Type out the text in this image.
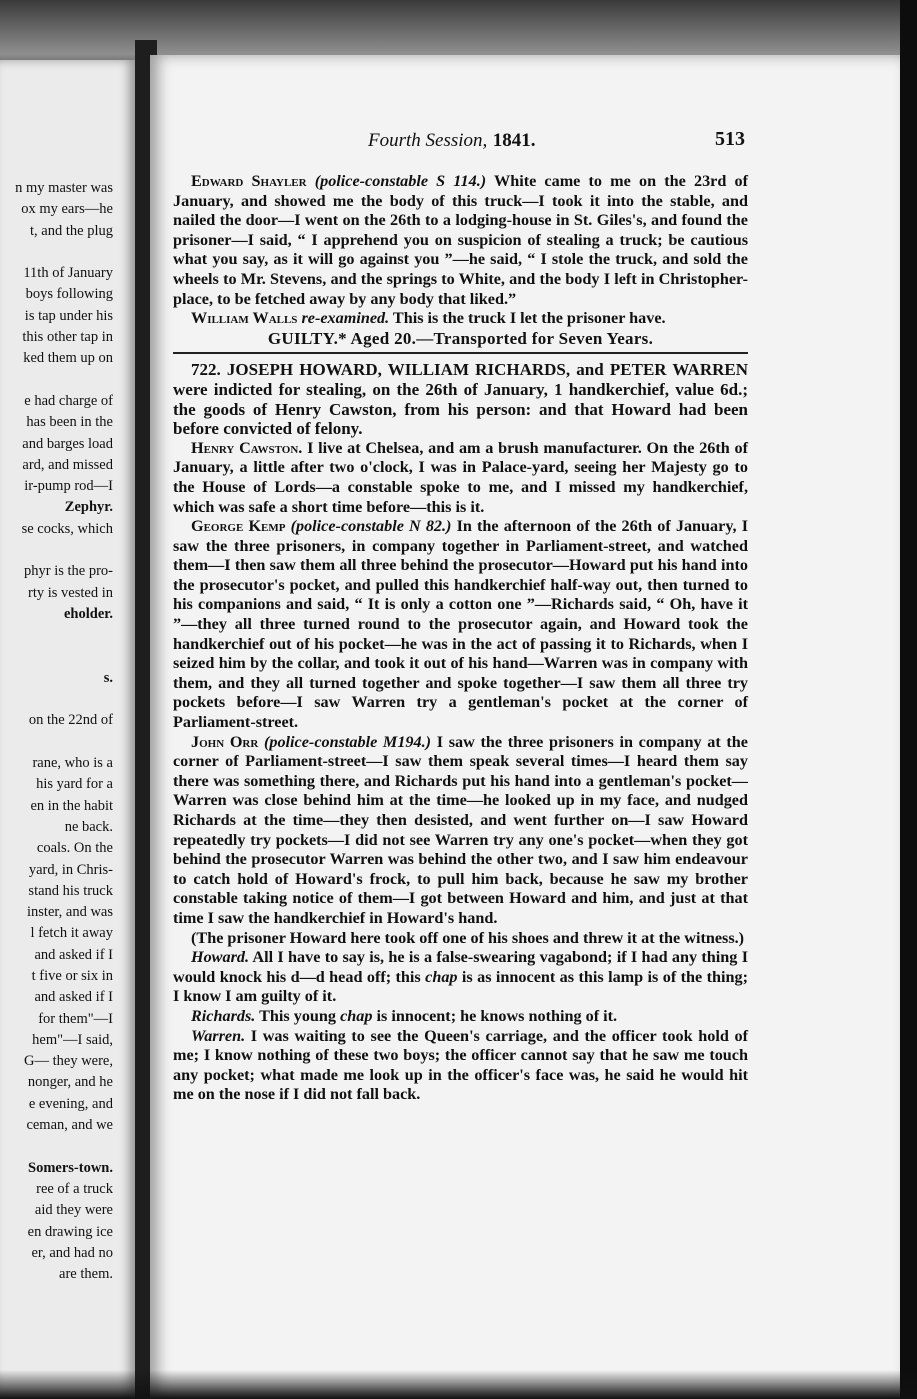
n my master was
ox my ears—he
t, and the plug
11th of January
boys following
is tap under his
this other tap in
ked them up on
e had charge of
has been in the
and barges load
ard, and missed
ir-pump rod—I
Zephyr.
se cocks, which
phyr is the pro-
rty is vested in
eholder.
s.
on the 22nd of
rane, who is a
his yard for a
en in the habit
ne back.
coals. On the
yard, in Chris-
stand his truck
inster, and was
l fetch it away
and asked if I
t five or six in
and asked if I
for them"—I
hem"—I said,
G— they were,
nonger, and he
e evening, and
ceman, and we
Somers-town.
ree of a truck
aid they were
en drawing ice
er, and had no
are them.
Fourth Session, 1841.	513

Edward Shayler (police-constable S 114.) White came to me on the 23rd of January, and showed me the body of this truck—I took it into the stable, and nailed the door—I went on the 26th to a lodging-house in St. Giles's, and found the prisoner—I said, “ I apprehend you on suspicion of stealing a truck; be cautious what you say, as it will go against you ”—he said, “ I stole the truck, and sold the wheels to Mr. Stevens, and the springs to White, and the body I left in Christopher-place, to be fetched away by any body that liked.”

William Walls re-examined. This is the truck I let the prisoner have.

GUILTY.* Aged 20.—Transported for Seven Years.

722. JOSEPH HOWARD, WILLIAM RICHARDS, and PETER WARREN were indicted for stealing, on the 26th of January, 1 handkerchief, value 6d.; the goods of Henry Cawston, from his person: and that Howard had been before convicted of felony.

Henry Cawston. I live at Chelsea, and am a brush manufacturer. On the 26th of January, a little after two o'clock, I was in Palace-yard, seeing her Majesty go to the House of Lords—a constable spoke to me, and I missed my handkerchief, which was safe a short time before—this is it.

George Kemp (police-constable N 82.) In the afternoon of the 26th of January, I saw the three prisoners, in company together in Parliament-street, and watched them—I then saw them all three behind the prosecutor—Howard put his hand into the prosecutor's pocket, and pulled this handkerchief half-way out, then turned to his companions and said, “ It is only a cotton one ”—Richards said, “ Oh, have it ”—they all three turned round to the prosecutor again, and Howard took the handkerchief out of his pocket—he was in the act of passing it to Richards, when I seized him by the collar, and took it out of his hand—Warren was in company with them, and they all turned together and spoke together—I saw them all three try pockets before—I saw Warren try a gentleman's pocket at the corner of Parliament-street.

John Orr (police-constable M194.) I saw the three prisoners in company at the corner of Parliament-street—I saw them speak several times—I heard them say there was something there, and Richards put his hand into a gentleman's pocket—Warren was close behind him at the time—he looked up in my face, and nudged Richards at the time—they then desisted, and went further on—I saw Howard repeatedly try pockets—I did not see Warren try any one's pocket—when they got behind the prosecutor Warren was behind the other two, and I saw him endeavour to catch hold of Howard's frock, to pull him back, because he saw my brother constable taking notice of them—I got between Howard and him, and just at that time I saw the handkerchief in Howard's hand.

(The prisoner Howard here took off one of his shoes and threw it at the witness.)

Howard. All I have to say is, he is a false-swearing vagabond; if I had any thing I would knock his d—d head off; this chap is as innocent as this lamp is of the thing; I know I am guilty of it.

Richards. This young chap is innocent; he knows nothing of it.

Warren. I was waiting to see the Queen's carriage, and the officer took hold of me; I know nothing of these two boys; the officer cannot say that he saw me touch any pocket; what made me look up in the officer's face was, he said he would hit me on the nose if I did not fall back.
